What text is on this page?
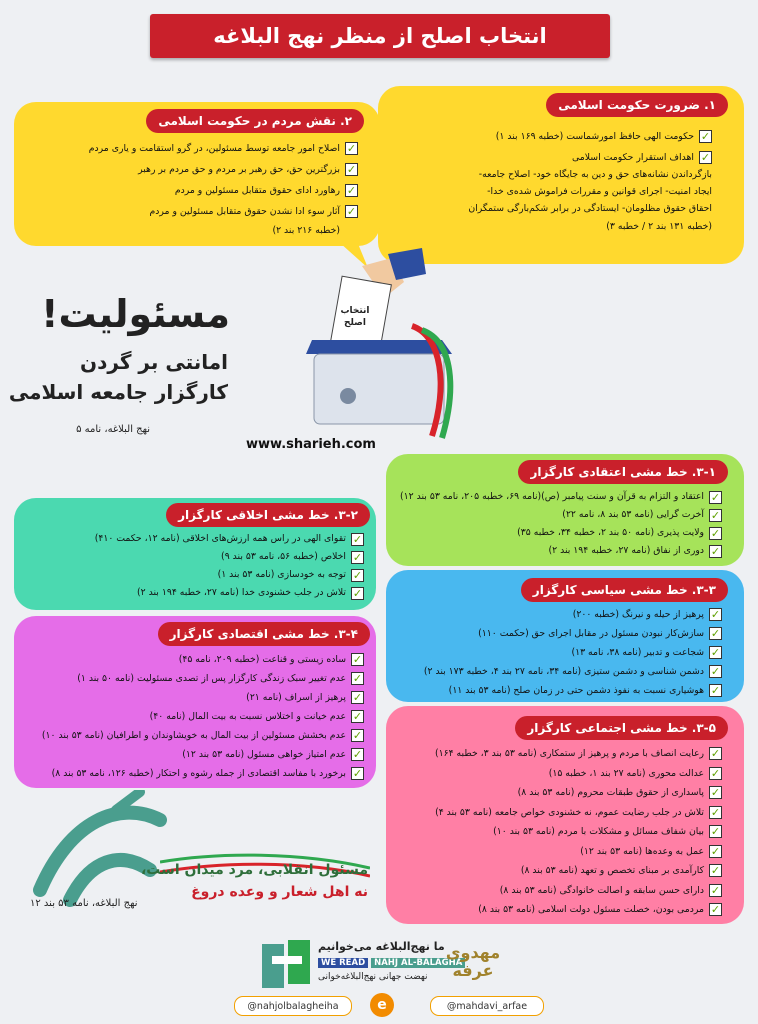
انتخاب اصلح از منظر نهج البلاغه
۱. ضرورت حکومت اسلامی
✓
حکومت الهی حافظ امورشماست (خطبه ۱۶۹ بند ۱)
✓
اهداف استقرار حکومت اسلامی
بازگرداندن نشانه‌های حق و دین به جایگاه خود- اصلاح جامعه-
ایجاد امنیت- اجرای قوانین و مقررات فراموش شده‌ی خدا-
احقاق حقوق مظلومان- ایستادگی در برابر شکم‌بارگی ستمگران
(خطبه ۱۳۱ بند ۲ / خطبه ۳)
۲. نقش مردم در حکومت اسلامی
✓
اصلاح امور جامعه توسط مسئولین، در گرو استقامت و یاری مردم
✓
بزرگترین حق، حق رهبر بر مردم و حق مردم بر رهبر
✓
رهاورد ادای حقوق متقابل مسئولین و مردم
✓
آثار سوء ادا نشدن حقوق متقابل مسئولین و مردم
(خطبه ۲۱۶ بند ۲)
مسئولیت!
امانتی بر گردن
کارگزار جامعه اسلامی
نهج البلاغه، نامه ۵
انتخاب اصلح
www.sharieh.com
۳-۱. خط مشی اعتقادی کارگزار
✓
اعتقاد و التزام به قرآن و سنت پیامبر (ص)(نامه ۶۹، خطبه ۲۰۵، نامه ۵۳ بند ۱۲)
✓
آخرت گرایی (نامه ۵۳ بند ۸، نامه ۲۲)
✓
ولایت پذیری (نامه ۵۰ بند ۲، خطبه ۳۴، خطبه ۳۵)
✓
دوری از نفاق (نامه ۲۷، خطبه ۱۹۴ بند ۲)
۳-۲. خط مشی اخلاقی کارگزار
✓
تقوای الهی در راس همه ارزش‌های اخلاقی (نامه ۱۲، حکمت ۴۱۰)
✓
اخلاص (خطبه ۵۶، نامه ۵۳ بند ۹)
✓
توجه به خودسازی (نامه ۵۳ بند ۱)
✓
تلاش در جلب خشنودی خدا (نامه ۲۷، خطبه ۱۹۴ بند ۲)	۳-۳. خط مشی سیاسی کارگزار
✓
پرهیز از حیله و نیرنگ (خطبه ۲۰۰)
✓
سازش‌کار نبودن مسئول در مقابل اجرای حق (حکمت ۱۱۰)
✓
شجاعت و تدبیر (نامه ۳۸، نامه ۱۳)
✓
دشمن شناسی و دشمن ستیزی (نامه ۳۴، نامه ۲۷ بند ۴، خطبه ۱۷۳ بند ۲)
✓
هوشیاری نسبت به نفوذ دشمن حتی در زمان صلح (نامه ۵۳ بند ۱۱)
۳-۴. خط مشی اقتصادی کارگزار
✓
ساده زیستی و قناعت (خطبه ۲۰۹، نامه ۴۵)
✓
عدم تغییر سبک زندگی کارگزار پس از تصدی مسئولیت (نامه ۵۰ بند ۱)
✓
پرهیز از اسراف (نامه ۲۱)
✓
عدم خیانت و اختلاس نسبت به بیت المال (نامه ۴۰)
✓
عدم بخشش مسئولین از بیت المال به خویشاوندان و اطرافیان (نامه ۵۳ بند ۱۰)
✓
عدم امتیاز خواهی مسئول (نامه ۵۳ بند ۱۲)
✓
برخورد با مفاسد اقتصادی از جمله رشوه و احتکار (خطبه ۱۲۶، نامه ۵۳ بند ۸)
۳-۵. خط مشی اجتماعی کارگزار
✓
رعایت انصاف با مردم و پرهیز از ستمکاری (نامه ۵۳ بند ۳، خطبه ۱۶۴)
✓
عدالت محوری (نامه ۲۷ بند ۱، خطبه ۱۵)
✓
پاسداری از حقوق طبقات محروم (نامه ۵۳ بند ۸)
✓
تلاش در جلب رضایت عموم، نه خشنودی خواص جامعه (نامه ۵۳ بند ۴)
✓
بیان شفاف مسائل و مشکلات با مردم (نامه ۵۳ بند ۱۰)
✓
عمل به وعده‌ها (نامه ۵۳ بند ۱۲)
✓
کارآمدی بر مبنای تخصص و تعهد (نامه ۵۳ بند ۸)
✓
دارای حسن سابقه و اصالت خانوادگی (نامه ۵۳ بند ۸)
✓
مردمی بودن، خصلت مسئول دولت اسلامی (نامه ۵۳ بند ۸)
مسئول انقلابی، مرد میدان است،
نه اهل شعار و وعده دروغ
نهج البلاغه، نامه ۵۳ بند ۱۲
ما نهج‌البلاغه می‌خوانیم
WE READ NAHJ AL-BALAGHA
نهضت جهانی نهج‌البلاغه‌خوانی
مهدوی عرفه
@nahjolbalagheiha	e	@mahdavi_arfae
